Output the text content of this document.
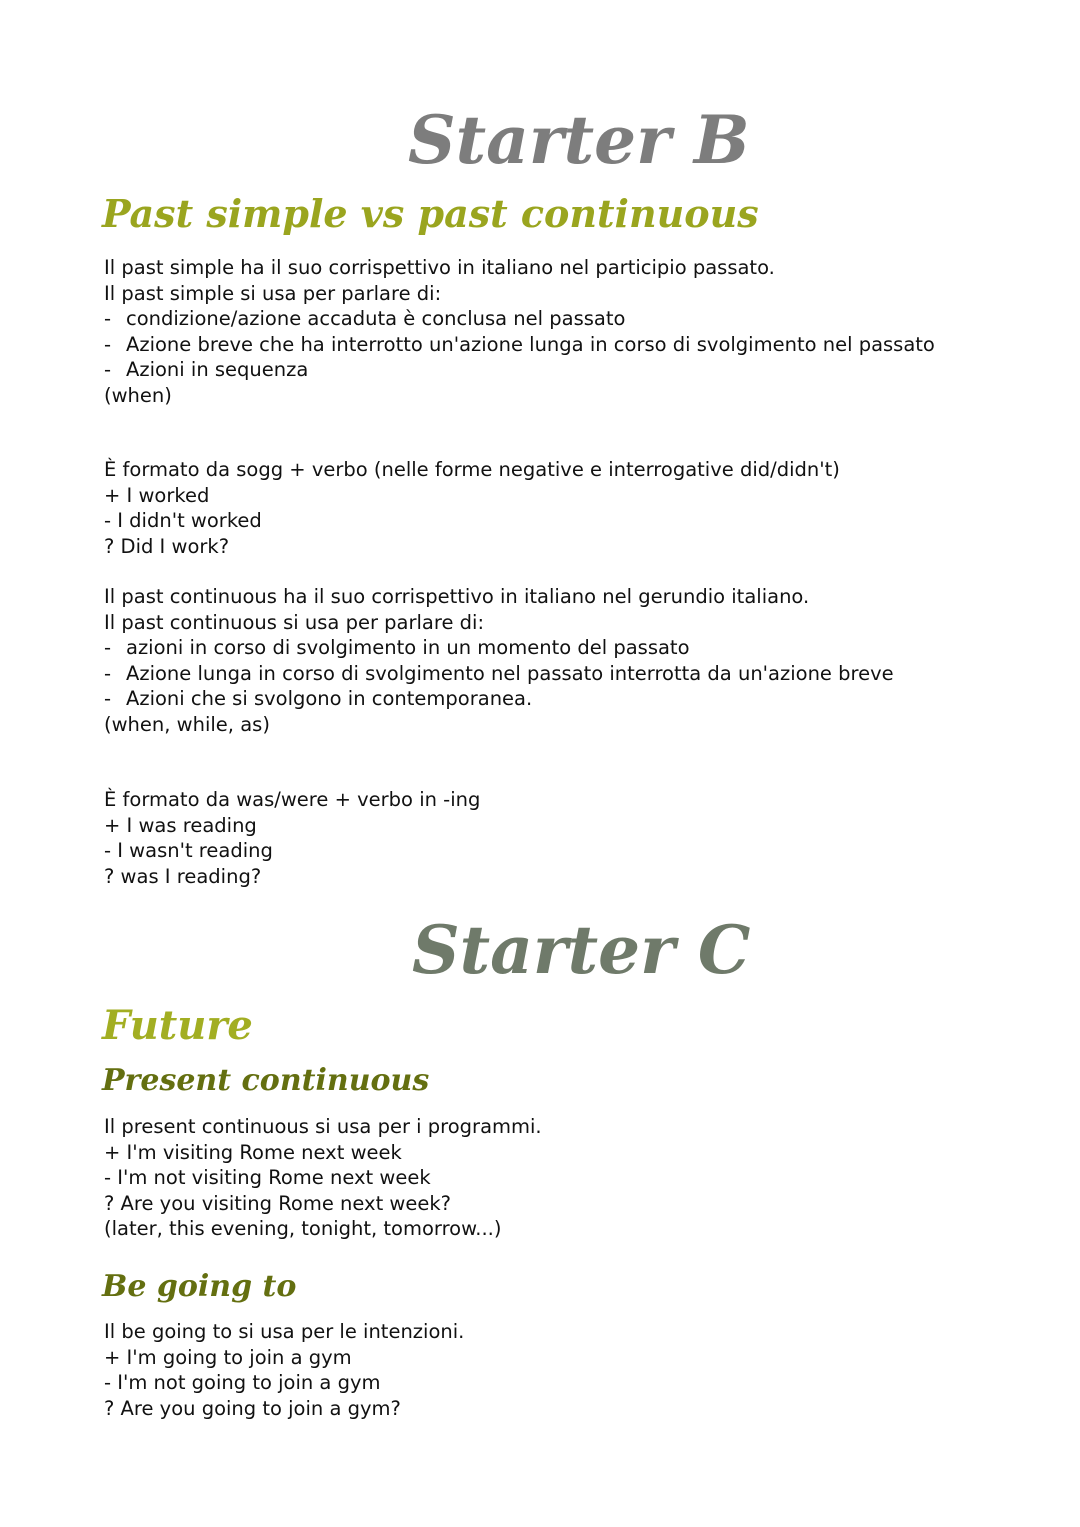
Starter B
Past simple vs past continuous
Il past simple ha il suo corrispettivo in italiano nel participio passato.
Il past simple si usa per parlare di:
- condizione/azione accaduta è conclusa nel passato
- Azione breve che ha interrotto un'azione lunga in corso di svolgimento nel passato
- Azioni in sequenza
(when)
È formato da sogg + verbo (nelle forme negative e interrogative did/didn't)
+ I worked
- I didn't worked
? Did I work?
Il past continuous ha il suo corrispettivo in italiano nel gerundio italiano.
Il past continuous si usa per parlare di:
- azioni in corso di svolgimento in un momento del passato
- Azione lunga in corso di svolgimento nel passato interrotta da un'azione breve
- Azioni che si svolgono in contemporanea.
(when, while, as)
È formato da was/were + verbo in -ing
+ I was reading
- I wasn't reading
? was I reading?
Starter C
Future
Present continuous
Il present continuous si usa per i programmi.
+ I'm visiting Rome next week
- I'm not visiting Rome next week
? Are you visiting Rome next week?
(later, this evening, tonight, tomorrow...)
Be going to
Il be going to si usa per le intenzioni.
+ I'm going to join a gym
- I'm not going to join a gym
? Are you going to join a gym?
